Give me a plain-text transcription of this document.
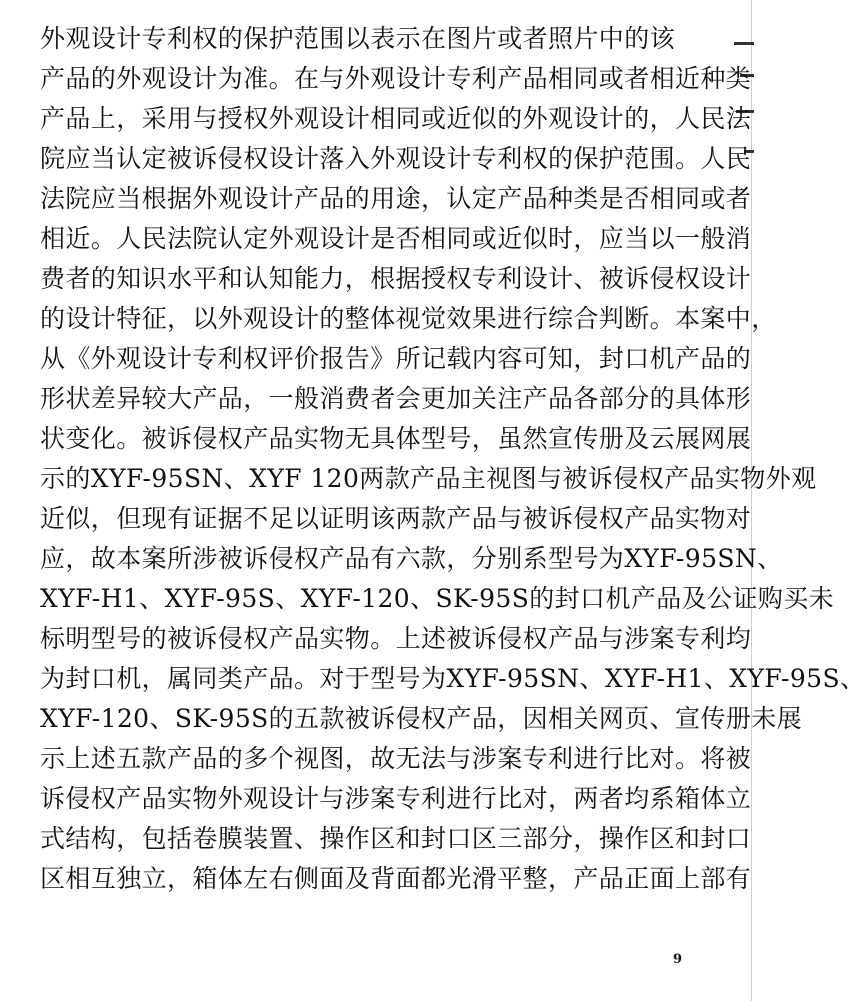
外观设计专利权的保护范围以表示在图片或者照片中的该
产品的外观设计为准。在与外观设计专利产品相同或者相近种类
产品上，采用与授权外观设计相同或近似的外观设计的，人民法
院应当认定被诉侵权设计落入外观设计专利权的保护范围。人民
法院应当根据外观设计产品的用途，认定产品种类是否相同或者
相近。人民法院认定外观设计是否相同或近似时，应当以一般消
费者的知识水平和认知能力，根据授权专利设计、被诉侵权设计
的设计特征，以外观设计的整体视觉效果进行综合判断。本案中，
从《外观设计专利权评价报告》所记载内容可知，封口机产品的
形状差异较大产品，一般消费者会更加关注产品各部分的具体形
状变化。被诉侵权产品实物无具体型号，虽然宣传册及云展网展
示的XYF-95SN、XYF 120两款产品主视图与被诉侵权产品实物外观
近似，但现有证据不足以证明该两款产品与被诉侵权产品实物对
应，故本案所涉被诉侵权产品有六款，分别系型号为XYF-95SN、
XYF-H1、XYF-95S、XYF-120、SK-95S的封口机产品及公证购买未
标明型号的被诉侵权产品实物。上述被诉侵权产品与涉案专利均
为封口机，属同类产品。对于型号为XYF-95SN、XYF-H1、XYF-95S、
XYF-120、SK-95S的五款被诉侵权产品，因相关网页、宣传册未展
示上述五款产品的多个视图，故无法与涉案专利进行比对。将被
诉侵权产品实物外观设计与涉案专利进行比对，两者均系箱体立
式结构，包括卷膜装置、操作区和封口区三部分，操作区和封口
区相互独立，箱体左右侧面及背面都光滑平整，产品正面上部有
9
